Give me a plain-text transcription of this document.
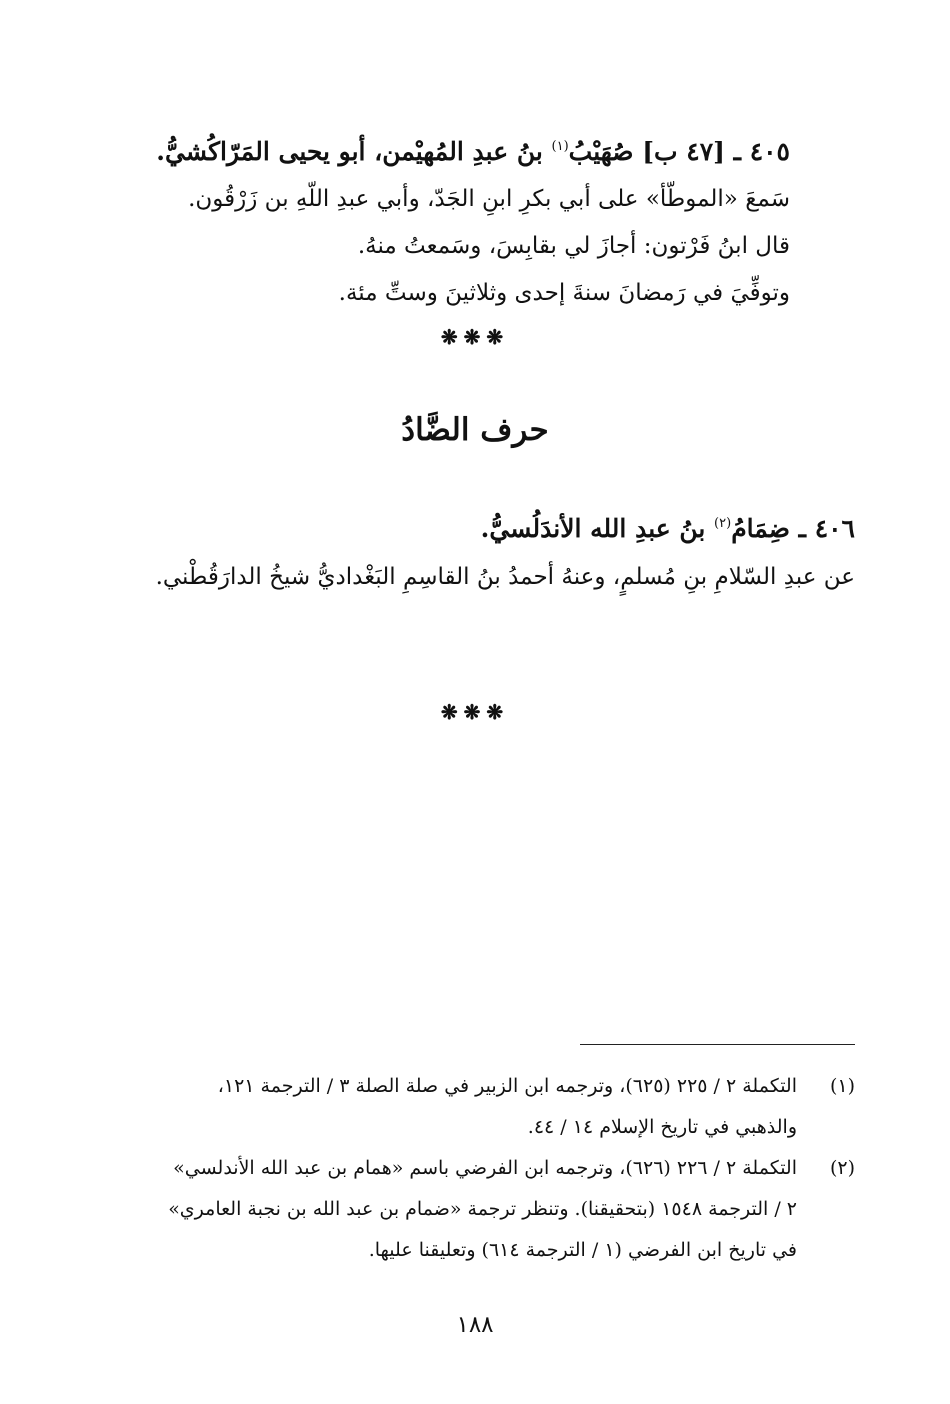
٤٠٥ ـ [٤٧ ب] صُهَيْبُ$^{(١)}$ بنُ عبدِ المُهيْمن، أبو يحيى المَرّاكُشيُّ.
سَمعَ «الموطّأ» على أبي بكرِ ابنِ الجَدّ، وأبي عبدِ اللّهِ بن زَرْقُون.
قال ابنُ فَرْتون: أجازَ لي بقابِسَ، وسَمعتُ منهُ.
وتوفِّيَ في رَمضانَ سنةَ إحدى وثلاثينَ وستِّ مئة.
❋❋❋
حرف الضَّادُ
٤٠٦ ـ ضِمَامُ$^{(٢)}$ بنُ عبدِ الله الأندَلُسيُّ.
عن عبدِ السّلامِ بنِ مُسلمٍ، وعنهُ أحمدُ بنُ القاسِمِ البَغْداديُّ شيخُ الدارَقُطْني.
❋❋❋
(١)
التكملة ٢ / ٢٢٥ (٦٢٥)، وترجمه ابن الزبير في صلة الصلة ٣ / الترجمة ١٢١،
والذهبي في تاريخ الإسلام ١٤ / ٤٤.
(٢)
التكملة ٢ / ٢٢٦ (٦٢٦)، وترجمه ابن الفرضي باسم «همام بن عبد الله الأندلسي»
٢ / الترجمة ١٥٤٨ (بتحقيقنا). وتنظر ترجمة «ضمام بن عبد الله بن نجبة العامري»
في تاريخ ابن الفرضي (١ / الترجمة ٦١٤) وتعليقنا عليها.
١٨٨
